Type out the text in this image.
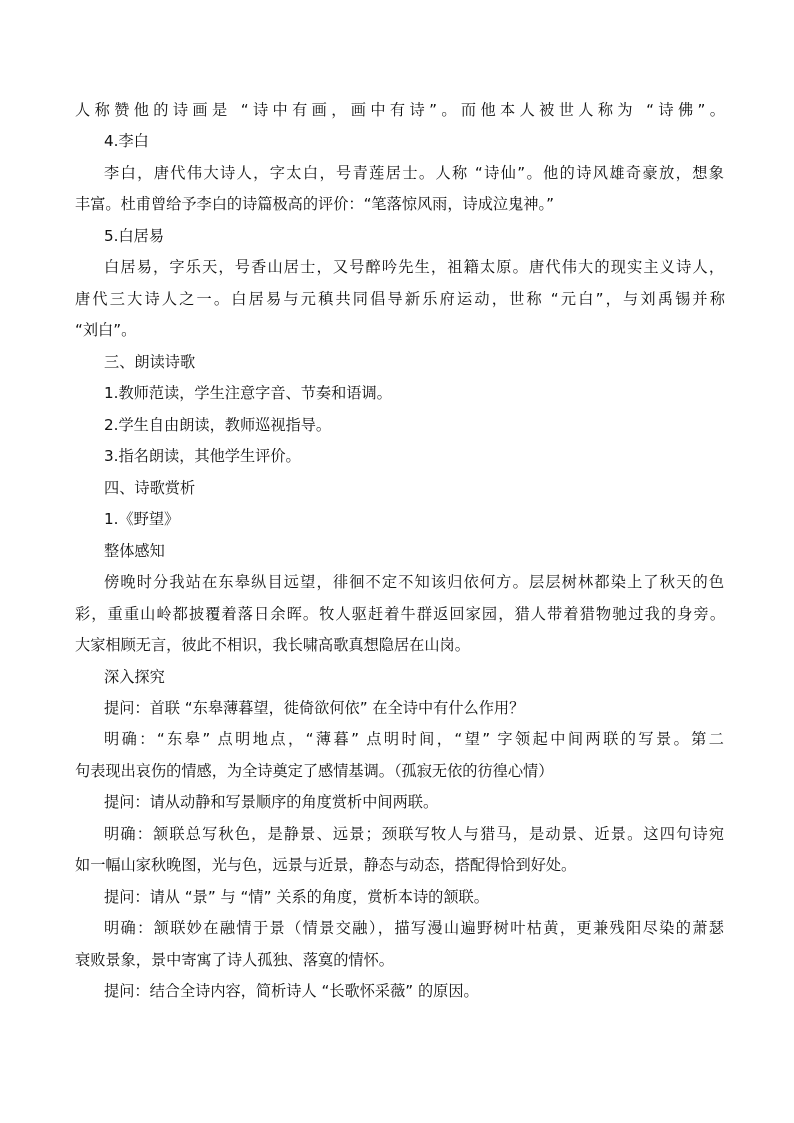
人称赞他的诗画是 “诗中有画，画中有诗”。而他本人被世人称为 “诗佛”。
4.李白
李白，唐代伟大诗人，字太白，号青莲居士。人称 “诗仙”。他的诗风雄奇豪放，想象
丰富。杜甫曾给予李白的诗篇极高的评价：“笔落惊风雨，诗成泣鬼神。”
5.白居易
白居易，字乐天，号香山居士，又号醉吟先生，祖籍太原。唐代伟大的现实主义诗人，
唐代三大诗人之一。白居易与元稹共同倡导新乐府运动，世称 “元白”，与刘禹锡并称
“刘白”。
三、朗读诗歌
1.教师范读，学生注意字音、节奏和语调。
2.学生自由朗读，教师巡视指导。
3.指名朗读，其他学生评价。
四、诗歌赏析
1.《野望》
整体感知
傍晚时分我站在东皋纵目远望，徘徊不定不知该归依何方。层层树林都染上了秋天的色
彩，重重山岭都披覆着落日余晖。牧人驱赶着牛群返回家园，猎人带着猎物驰过我的身旁。
大家相顾无言，彼此不相识，我长啸高歌真想隐居在山岗。
深入探究
提问：首联 “东皋薄暮望，徙倚欲何依” 在全诗中有什么作用？
明确：“东皋” 点明地点，“薄暮” 点明时间，“望” 字领起中间两联的写景。第二
句表现出哀伤的情感，为全诗奠定了感情基调。（孤寂无依的彷徨心情）
提问：请从动静和写景顺序的角度赏析中间两联。
明确：颔联总写秋色，是静景、远景；颈联写牧人与猎马，是动景、近景。这四句诗宛
如一幅山家秋晚图，光与色，远景与近景，静态与动态，搭配得恰到好处。
提问：请从 “景” 与 “情” 关系的角度，赏析本诗的颔联。
明确：颔联妙在融情于景（情景交融），描写漫山遍野树叶枯黄，更兼残阳尽染的萧瑟
衰败景象，景中寄寓了诗人孤独、落寞的情怀。
提问：结合全诗内容，简析诗人 “长歌怀采薇” 的原因。
